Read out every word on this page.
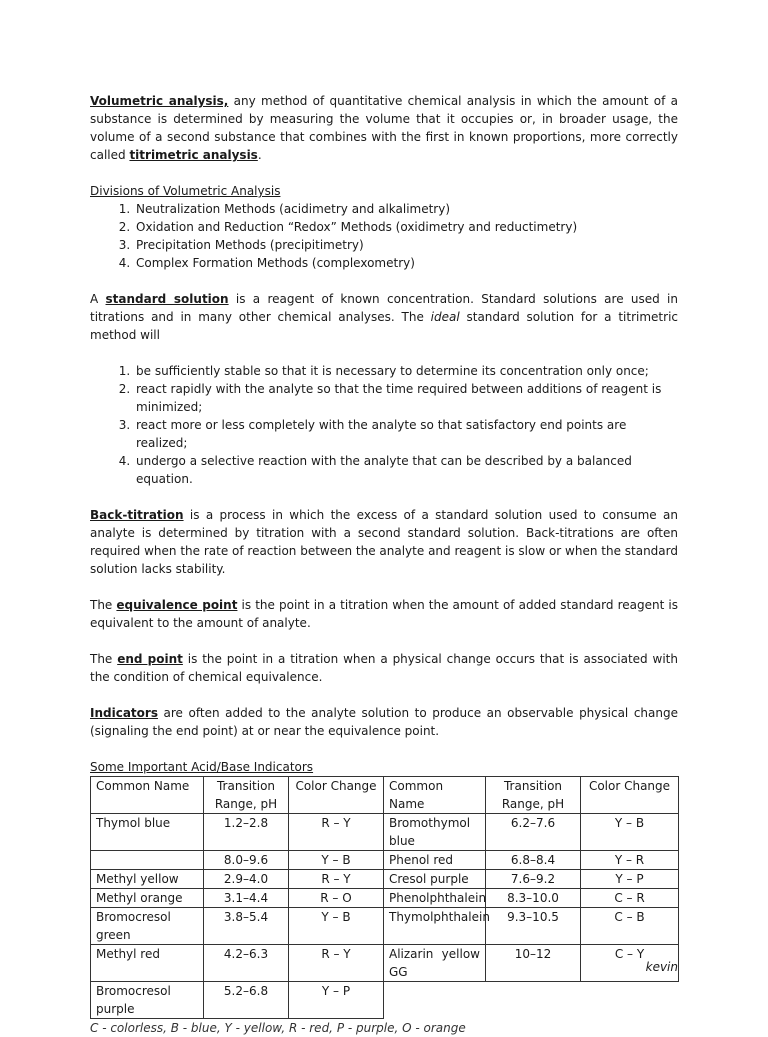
Volumetric analysis, any method of quantitative chemical analysis in which the amount of a substance is determined by measuring the volume that it occupies or, in broader usage, the volume of a second substance that combines with the first in known proportions, more correctly called titrimetric analysis.

Divisions of Volumetric Analysis
1. Neutralization Methods (acidimetry and alkalimetry)
2. Oxidation and Reduction “Redox” Methods (oxidimetry and reductimetry)
3. Precipitation Methods (precipitimetry)
4. Complex Formation Methods (complexometry)

A standard solution is a reagent of known concentration. Standard solutions are used in titrations and in many other chemical analyses. The ideal standard solution for a titrimetric method will

1. be sufficiently stable so that it is necessary to determine its concentration only once;
2. react rapidly with the analyte so that the time required between additions of reagent is minimized;
3. react more or less completely with the analyte so that satisfactory end points are realized;
4. undergo a selective reaction with the analyte that can be described by a balanced equation.

Back-titration is a process in which the excess of a standard solution used to consume an analyte is determined by titration with a second standard solution. Back-titrations are often required when the rate of reaction between the analyte and reagent is slow or when the standard solution lacks stability.

The equivalence point is the point in a titration when the amount of added standard reagent is equivalent to the amount of analyte.

The end point is the point in a titration when a physical change occurs that is associated with the condition of chemical equivalence.

Indicators are often added to the analyte solution to produce an observable physical change (signaling the end point) at or near the equivalence point.

Some Important Acid/Base Indicators
Common Name	Transition Range, pH	Color Change	Common Name	Transition Range, pH	Color Change
Thymol blue	1.2–2.8	R – Y	Bromothymol blue	6.2–7.6	Y – B
	8.0–9.6	Y – B	Phenol red	6.8–8.4	Y – R
Methyl yellow	2.9–4.0	R – Y	Cresol purple	7.6–9.2	Y – P
Methyl orange	3.1–4.4	R – O	Phenolphthalein	8.3–10.0	C – R
Bromocresol green	3.8–5.4	Y – B	Thymolphthalein	9.3–10.5	C – B
Methyl red	4.2–6.3	R – Y	Alizarin yellow GG	10–12	C – Y
Bromocresol purple	5.2–6.8	Y – P			
C - colorless, B - blue, Y - yellow, R - red, P - purple, O - orange
kevin
